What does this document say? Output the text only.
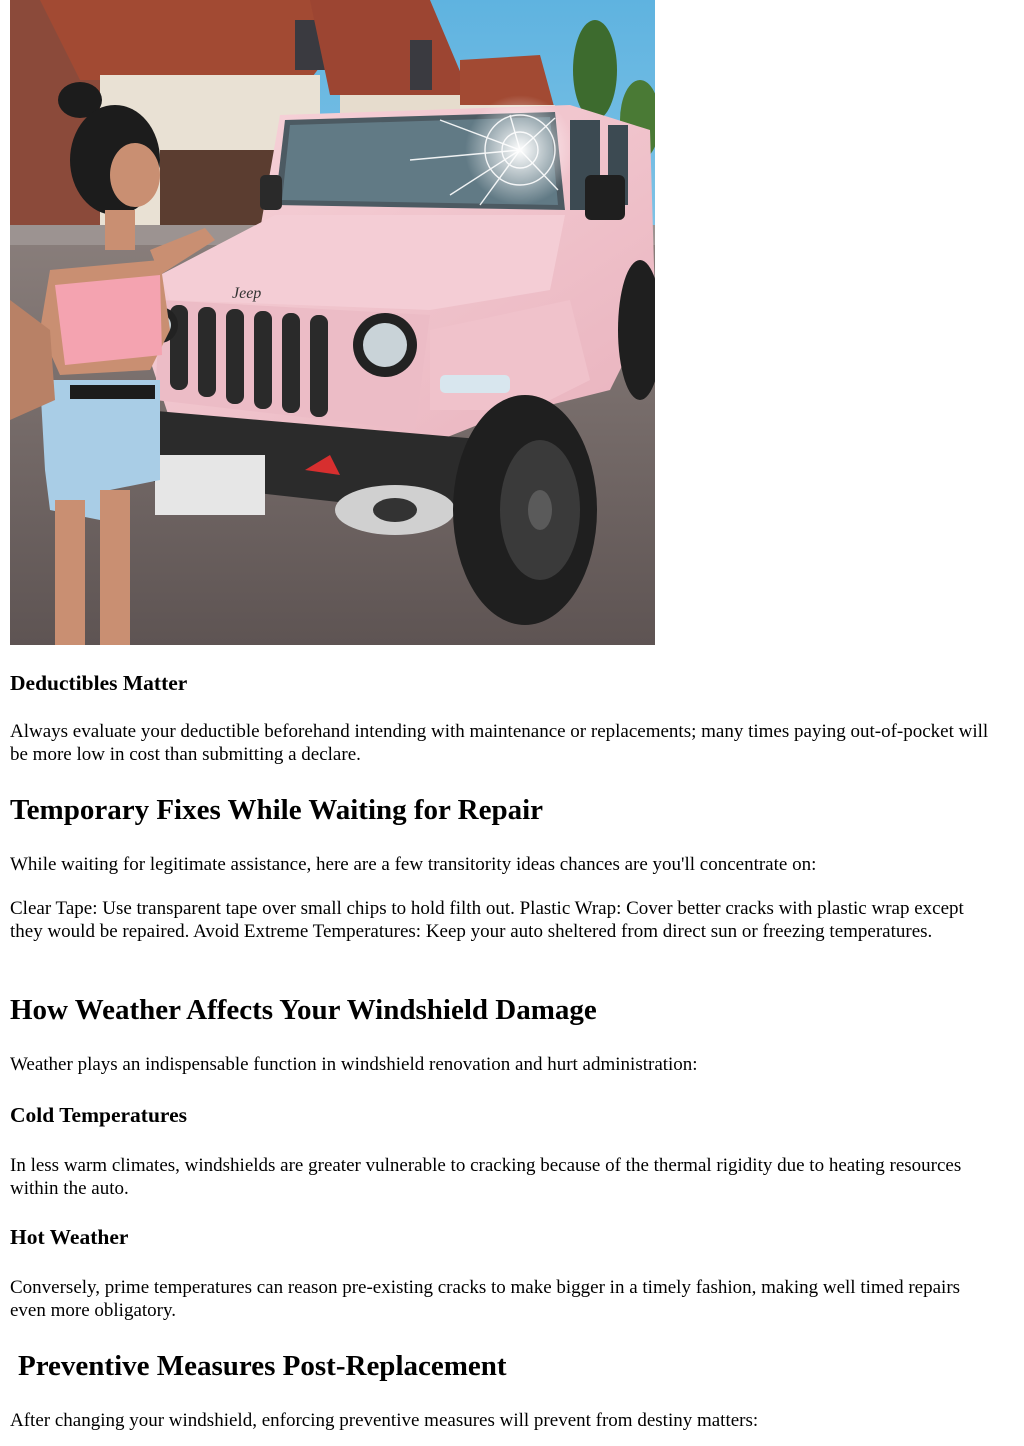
Jeep
Deductibles Matter

Always evaluate your deductible beforehand intending with maintenance or replacements; many times paying out-of-pocket will be more low in cost than submitting a declare.

Temporary Fixes While Waiting for Repair

While waiting for legitimate assistance, here are a few transitority ideas chances are you'll concentrate on:

Clear Tape: Use transparent tape over small chips to hold filth out. Plastic Wrap: Cover better cracks with plastic wrap except they would be repaired. Avoid Extreme Temperatures: Keep your auto sheltered from direct sun or freezing temperatures.

How Weather Affects Your Windshield Damage

Weather plays an indispensable function in windshield renovation and hurt administration:

Cold Temperatures

In less warm climates, windshields are greater vulnerable to cracking because of the thermal rigidity due to heating resources within the auto.

Hot Weather

Conversely, prime temperatures can reason pre-existing cracks to make bigger in a timely fashion, making well timed repairs even more obligatory.

Preventive Measures Post-Replacement

After changing your windshield, enforcing preventive measures will prevent from destiny matters:
